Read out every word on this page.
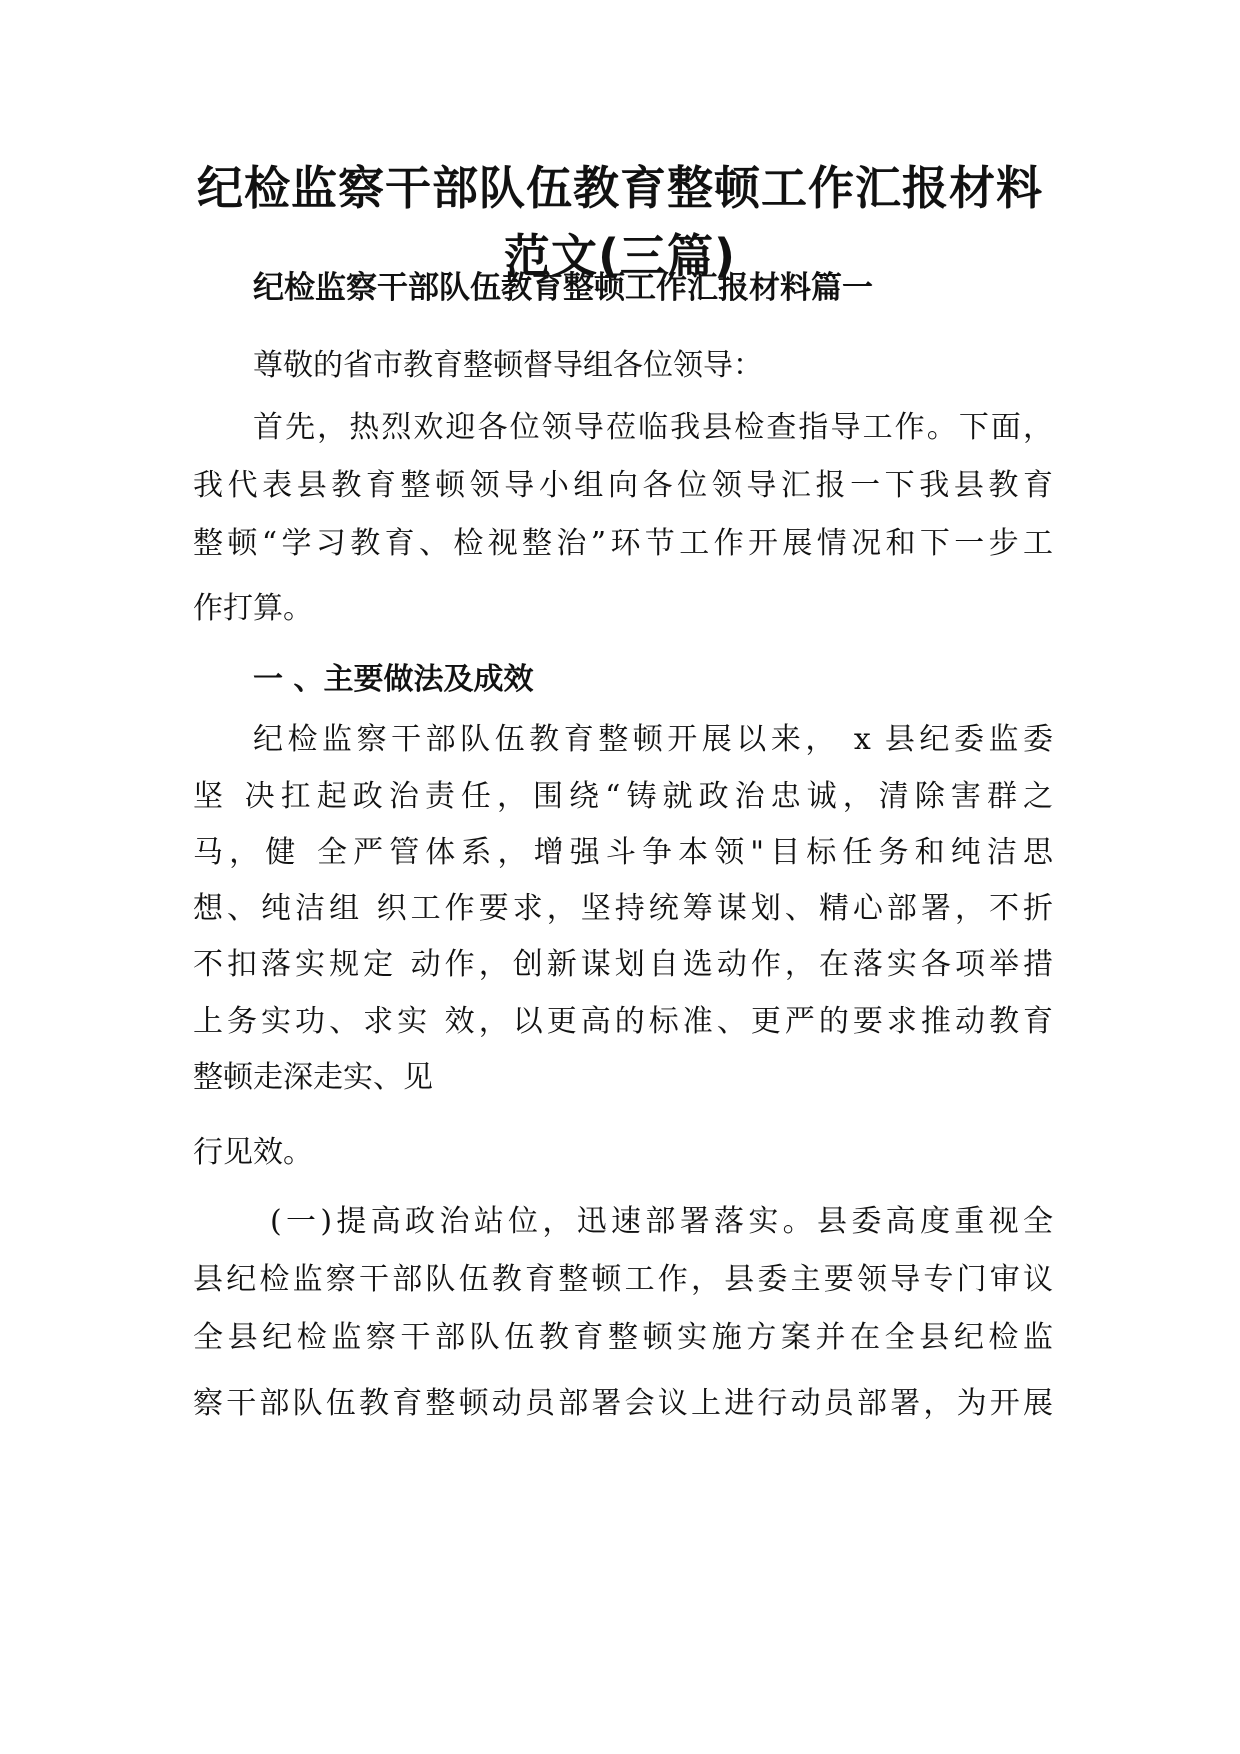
纪检监察干部队伍教育整顿工作汇报材料
范文(三篇)
纪检监察干部队伍教育整顿工作汇报材料篇一
尊敬的省市教育整顿督导组各位领导：
首先，热烈欢迎各位领导莅临我县检查指导工作。下面，
我代表县教育整顿领导小组向各位领导汇报一下我县教育
整顿“学习教育、检视整治”环节工作开展情况和下一步工
作打算。
一 、主要做法及成效
纪检监察干部队伍教育整顿开展以来， x 县纪委监委
坚 决扛起政治责任，围绕“铸就政治忠诚，清除害群之
马，健 全严管体系，增强斗争本领"目标任务和纯洁思
想、纯洁组 织工作要求，坚持统筹谋划、精心部署，不折
不扣落实规定 动作，创新谋划自选动作，在落实各项举措
上务实功、求实 效，以更高的标准、更严的要求推动教育
整顿走深走实、见
行见效。
(一)提高政治站位，迅速部署落实。县委高度重视全
县纪检监察干部队伍教育整顿工作，县委主要领导专门审议
全县纪检监察干部队伍教育整顿实施方案并在全县纪检监
察干部队伍教育整顿动员部署会议上进行动员部署，为开展
